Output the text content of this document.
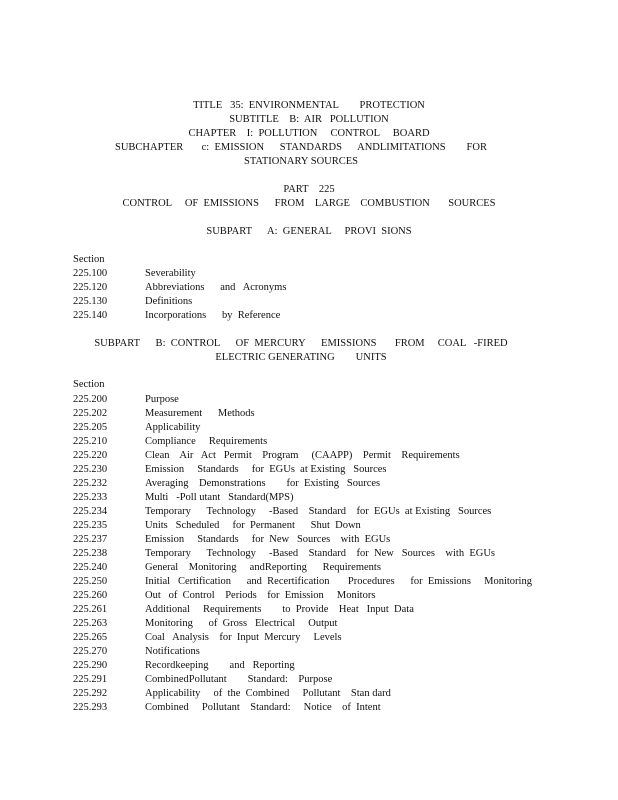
TITLE   35:  ENVIRONMENTAL        PROTECTION
SUBTITLE    B:  AIR   POLLUTION
CHAPTER    I:  POLLUTION     CONTROL     BOARD
SUBCHAPTER       c:  EMISSION      STANDARDS      ANDLIMITATIONS        FOR   STATIONARY SOURCES
PART    225
CONTROL     OF  EMISSIONS      FROM    LARGE    COMBUSTION       SOURCES
SUBPART      A:  GENERAL     PROVI  SIONS
Section
225.100	Severability
225.120	Abbreviations      and   Acronyms
225.130	Definitions
225.140	Incorporations      by  Reference
SUBPART      B:  CONTROL      OF  MERCURY      EMISSIONS       FROM     COAL   -FIRED    ELECTRIC GENERATING        UNITS
Section
225.200	Purpose
225.202	Measurement      Methods
225.205	Applicability
225.210	Compliance     Requirements
225.220	Clean    Air   Act   Permit    Program     (CAAPP)    Permit    Requirements
225.230	Emission     Standards     for  EGUs  at Existing   Sources
225.232	Averaging    Demonstrations        for  Existing   Sources
225.233	Multi   -Poll utant   Standard(MPS)
225.234	Temporary      Technology     -Based    Standard    for  EGUs  at Existing   Sources
225.235	Units   Scheduled     for  Permanent      Shut  Down
225.237	Emission     Standards     for  New   Sources    with  EGUs
225.238	Temporary      Technology     -Based    Standard    for  New   Sources    with  EGUs
225.240	General    Monitoring     andReporting      Requirements
225.250	Initial   Certification      and  Recertification       Procedures      for  Emissions     Monitoring
225.260	Out   of  Control    Periods    for  Emission     Monitors
225.261	Additional     Requirements        to  Provide    Heat   Input  Data
225.263	Monitoring      of  Gross   Electrical     Output
225.265	Coal   Analysis    for  Input  Mercury     Levels
225.270	Notifications
225.290	Recordkeeping        and   Reporting
225.291	CombinedPollutant        Standard:    Purpose
225.292	Applicability     of  the  Combined     Pollutant    Stan dard
225.293	Combined     Pollutant    Standard:     Notice    of  Intent
